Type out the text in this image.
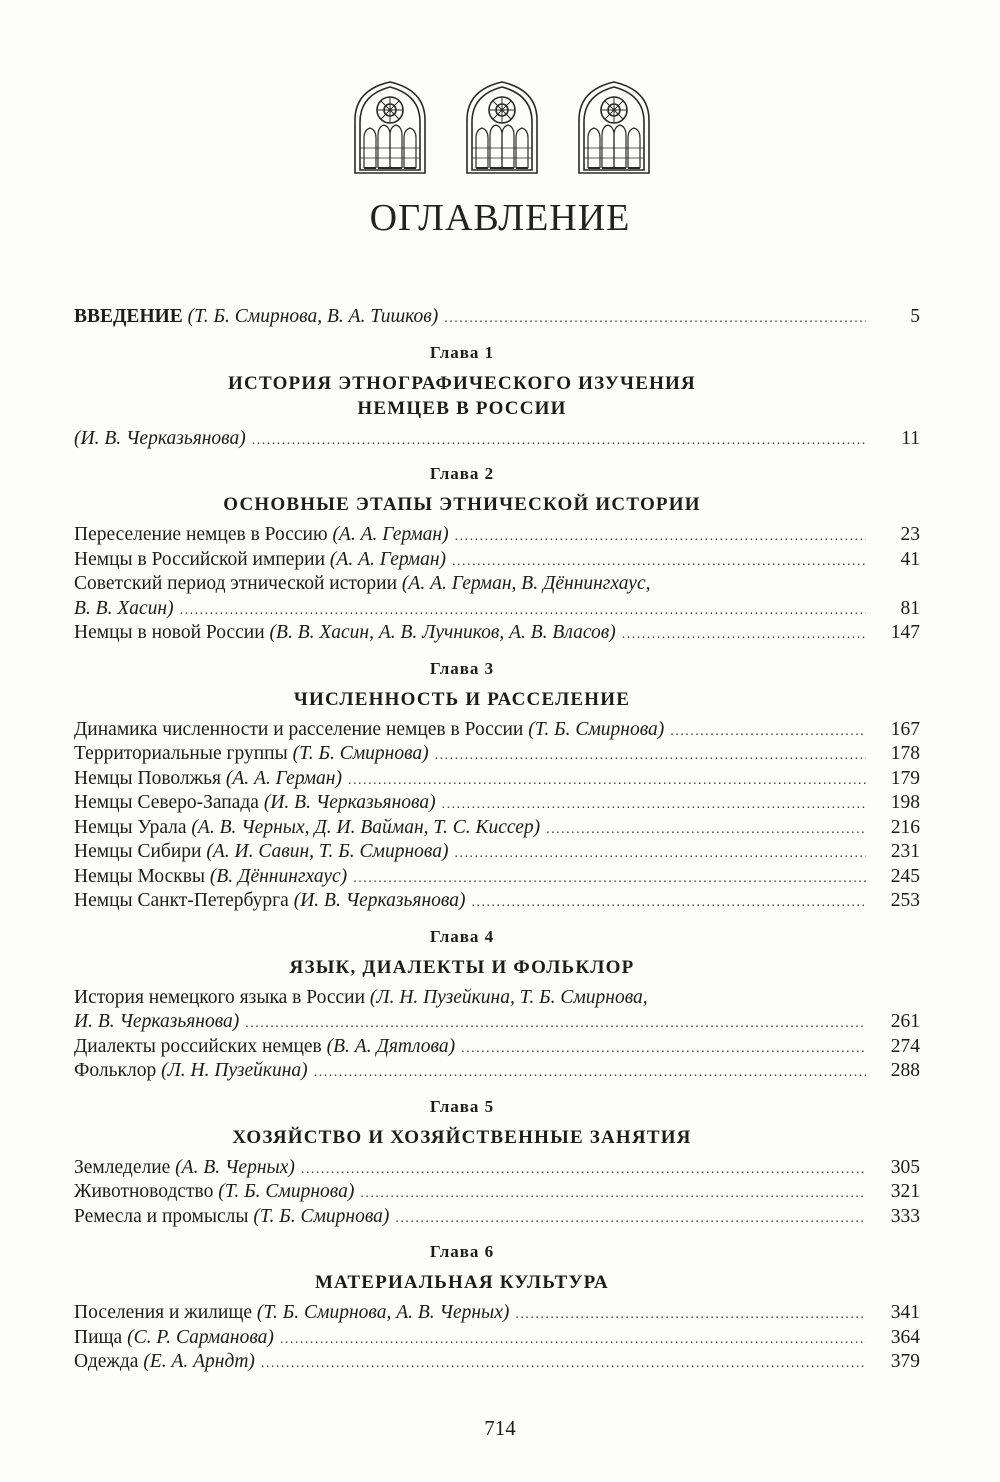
ОГЛАВЛЕНИЕ
ВВЕДЕНИЕ (Т. Б. Смирнова, В. А. Тишков) .....	5
Глава 1
ИСТОРИЯ ЭТНОГРАФИЧЕСКОГО ИЗУЧЕНИЯ
НЕМЦЕВ В РОССИИ
(И. В. Черказьянова) .....	11
Глава 2
ОСНОВНЫЕ ЭТАПЫ ЭТНИЧЕСКОЙ ИСТОРИИ
Переселение немцев в Россию (А. А. Герман) .....	23
Немцы в Российской империи (А. А. Герман) .....	41
Советский период этнической истории (А. А. Герман, В. Дённингхаус,
В. В. Хасин) .....	81
Немцы в новой России (В. В. Хасин, А. В. Лучников, А. В. Власов) .....	147
Глава 3
ЧИСЛЕННОСТЬ И РАССЕЛЕНИЕ
Динамика численности и расселение немцев в России (Т. Б. Смирнова) .....	167
Территориальные группы (Т. Б. Смирнова) .....	178
Немцы Поволжья (А. А. Герман) .....	179
Немцы Северо-Запада (И. В. Черказьянова) .....	198
Немцы Урала (А. В. Черных, Д. И. Вайман, Т. С. Киссер) .....	216
Немцы Сибири (А. И. Савин, Т. Б. Смирнова) .....	231
Немцы Москвы (В. Дённингхаус) .....	245
Немцы Санкт-Петербурга (И. В. Черказьянова) .....	253
Глава 4
ЯЗЫК, ДИАЛЕКТЫ И ФОЛЬКЛОР
История немецкого языка в России (Л. Н. Пузейкина, Т. Б. Смирнова,
И. В. Черказьянова) .....	261
Диалекты российских немцев (В. А. Дятлова) .....	274
Фольклор (Л. Н. Пузейкина) .....	288
Глава 5
ХОЗЯЙСТВО И ХОЗЯЙСТВЕННЫЕ ЗАНЯТИЯ
Земледелие (А. В. Черных) .....	305
Животноводство (Т. Б. Смирнова) .....	321
Ремесла и промыслы (Т. Б. Смирнова) .....	333
Глава 6
МАТЕРИАЛЬНАЯ КУЛЬТУРА
Поселения и жилище (Т. Б. Смирнова, А. В. Черных) .....	341
Пища (С. Р. Сарманова) .....	364
Одежда (Е. А. Арндт) .....	379
714
